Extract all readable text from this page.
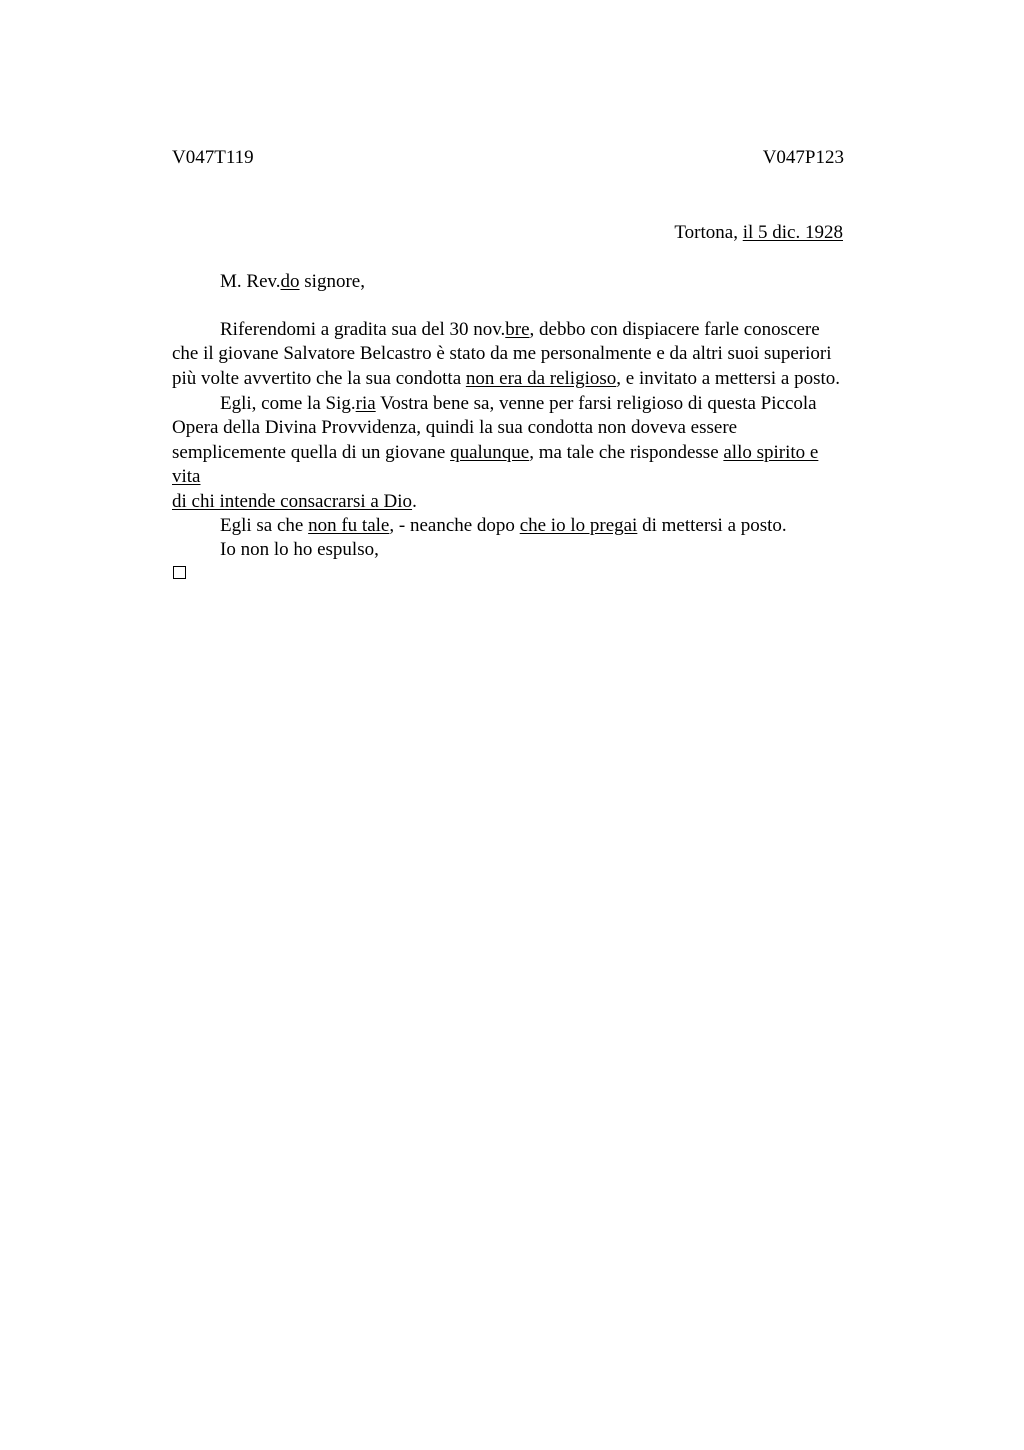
V047T119	V047P123
Tortona, il 5 dic. 1928
M. Rev.do signore,
Riferendomi a gradita sua del 30 nov.bre, debbo con dispiacere farle conoscere
che il giovane Salvatore Belcastro è stato da me personalmente e da altri suoi superiori
più volte avvertito che la sua condotta non era da religioso, e invitato a mettersi a posto.
Egli, come la Sig.ria Vostra bene sa, venne per farsi religioso di questa Piccola
Opera della Divina Provvidenza, quindi la sua condotta non doveva essere
semplicemente quella di un giovane qualunque, ma tale che rispondesse allo spirito e
vita
di chi intende consacrarsi a Dio.
Egli sa che non fu tale, - neanche dopo che io lo pregai di mettersi a posto.
Io non lo ho espulso,
